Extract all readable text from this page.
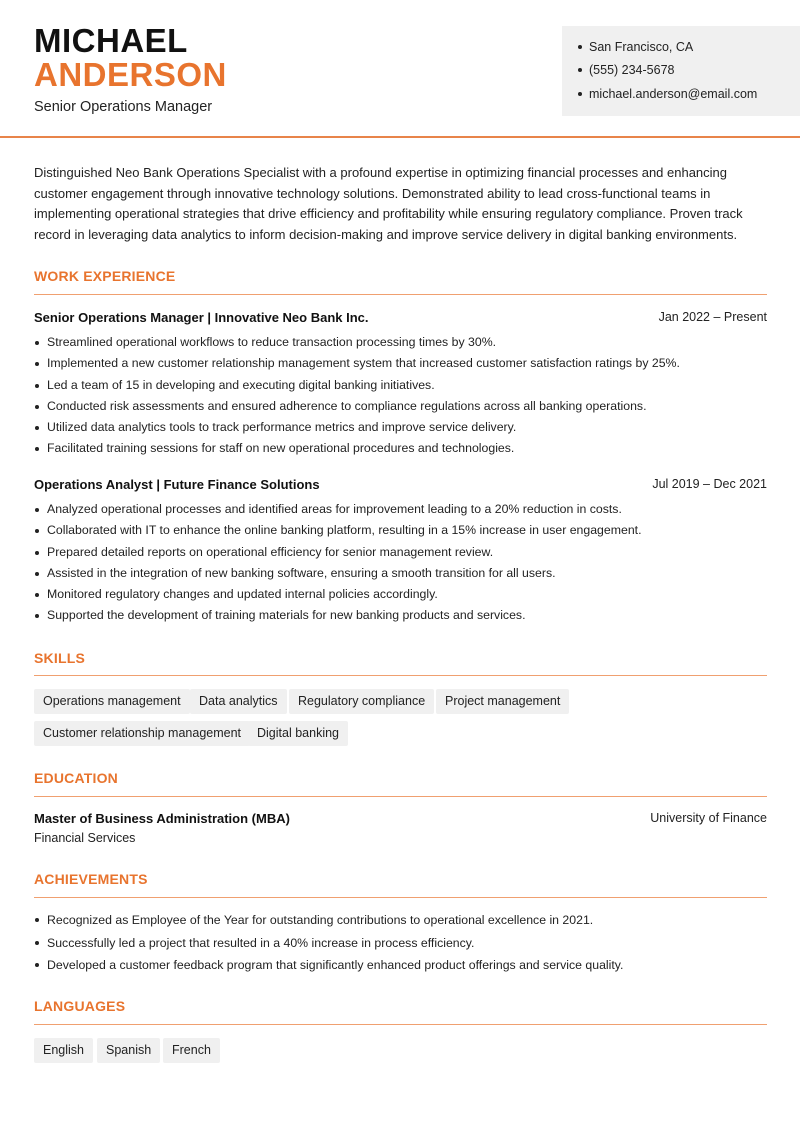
MICHAEL
ANDERSON
Senior Operations Manager
San Francisco, CA
(555) 234-5678
michael.anderson@email.com

Distinguished Neo Bank Operations Specialist with a profound expertise in optimizing financial processes and enhancing customer engagement through innovative technology solutions. Demonstrated ability to lead cross-functional teams in implementing operational strategies that drive efficiency and profitability while ensuring regulatory compliance. Proven track record in leveraging data analytics to inform decision-making and improve service delivery in digital banking environments.

WORK EXPERIENCE
Senior Operations Manager | Innovative Neo Bank Inc.	Jan 2022 – Present
Streamlined operational workflows to reduce transaction processing times by 30%.
Implemented a new customer relationship management system that increased customer satisfaction ratings by 25%.
Led a team of 15 in developing and executing digital banking initiatives.
Conducted risk assessments and ensured adherence to compliance regulations across all banking operations.
Utilized data analytics tools to track performance metrics and improve service delivery.
Facilitated training sessions for staff on new operational procedures and technologies.
Operations Analyst | Future Finance Solutions	Jul 2019 – Dec 2021
Analyzed operational processes and identified areas for improvement leading to a 20% reduction in costs.
Collaborated with IT to enhance the online banking platform, resulting in a 15% increase in user engagement.
Prepared detailed reports on operational efficiency for senior management review.
Assisted in the integration of new banking software, ensuring a smooth transition for all users.
Monitored regulatory changes and updated internal policies accordingly.
Supported the development of training materials for new banking products and services.
SKILLS
Operations management	Data analytics	Regulatory compliance	Project management
Customer relationship management	Digital banking
EDUCATION
Master of Business Administration (MBA)	University of Finance
Financial Services
ACHIEVEMENTS
Recognized as Employee of the Year for outstanding contributions to operational excellence in 2021.
Successfully led a project that resulted in a 40% increase in process efficiency.
Developed a customer feedback program that significantly enhanced product offerings and service quality.
LANGUAGES
English	Spanish	French
